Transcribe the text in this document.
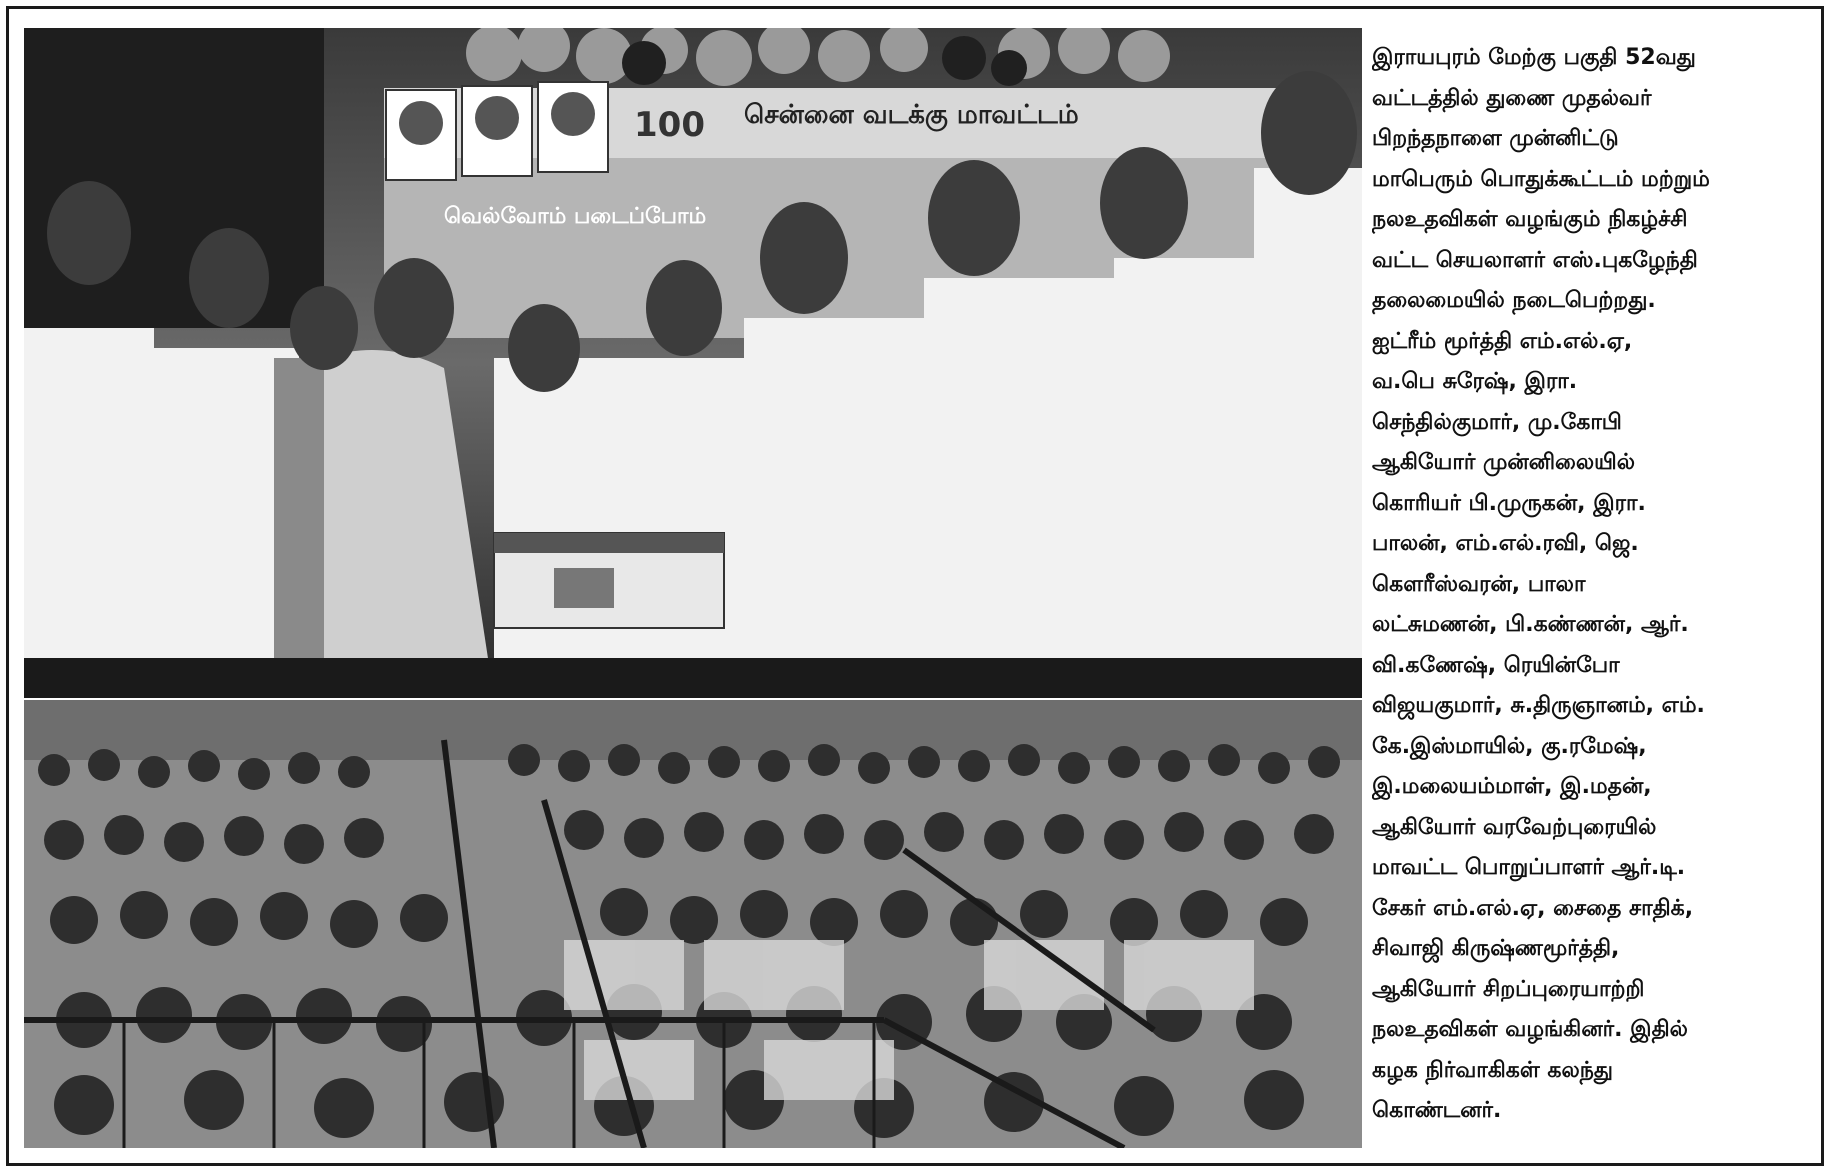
100 சென்னை வடக்கு மாவட்டம்
வெல்வோம் படைப்போம்
இராயபுரம் மேற்கு பகுதி 52வது
வட்டத்தில் துணை முதல்வர்
பிறந்தநாளை முன்னிட்டு
மாபெரும் பொதுக்கூட்டம் மற்றும்
நலஉதவிகள் வழங்கும் நிகழ்ச்சி
வட்ட செயலாளர் எஸ்.புகழேந்தி
தலைமையில் நடைபெற்றது.
ஐட்ரீம் மூர்த்தி எம்.எல்.ஏ,
வ.பெ சுரேஷ், இரா.
செந்தில்குமார், மு.கோபி
ஆகியோர் முன்னிலையில்
கொரியர் பி.முருகன், இரா.
பாலன், எம்.எல்.ரவி, ஜெ.
கௌரீஸ்வரன், பாலா
லட்சுமணன், பி.கண்ணன், ஆர்.
வி.கணேஷ், ரெயின்போ
விஜயகுமார், சு.திருஞானம், எம்.
கே.இஸ்மாயில், கு.ரமேஷ்,
இ.மலையம்மாள், இ.மதன்,
ஆகியோர் வரவேற்புரையில்
மாவட்ட பொறுப்பாளர் ஆர்.டி.
சேகர் எம்.எல்.ஏ, சைதை சாதிக்,
சிவாஜி கிருஷ்ணமூர்த்தி,
ஆகியோர் சிறப்புரையாற்றி
நலஉதவிகள் வழங்கினர். இதில்
கழக நிர்வாகிகள் கலந்து
கொண்டனர்.
